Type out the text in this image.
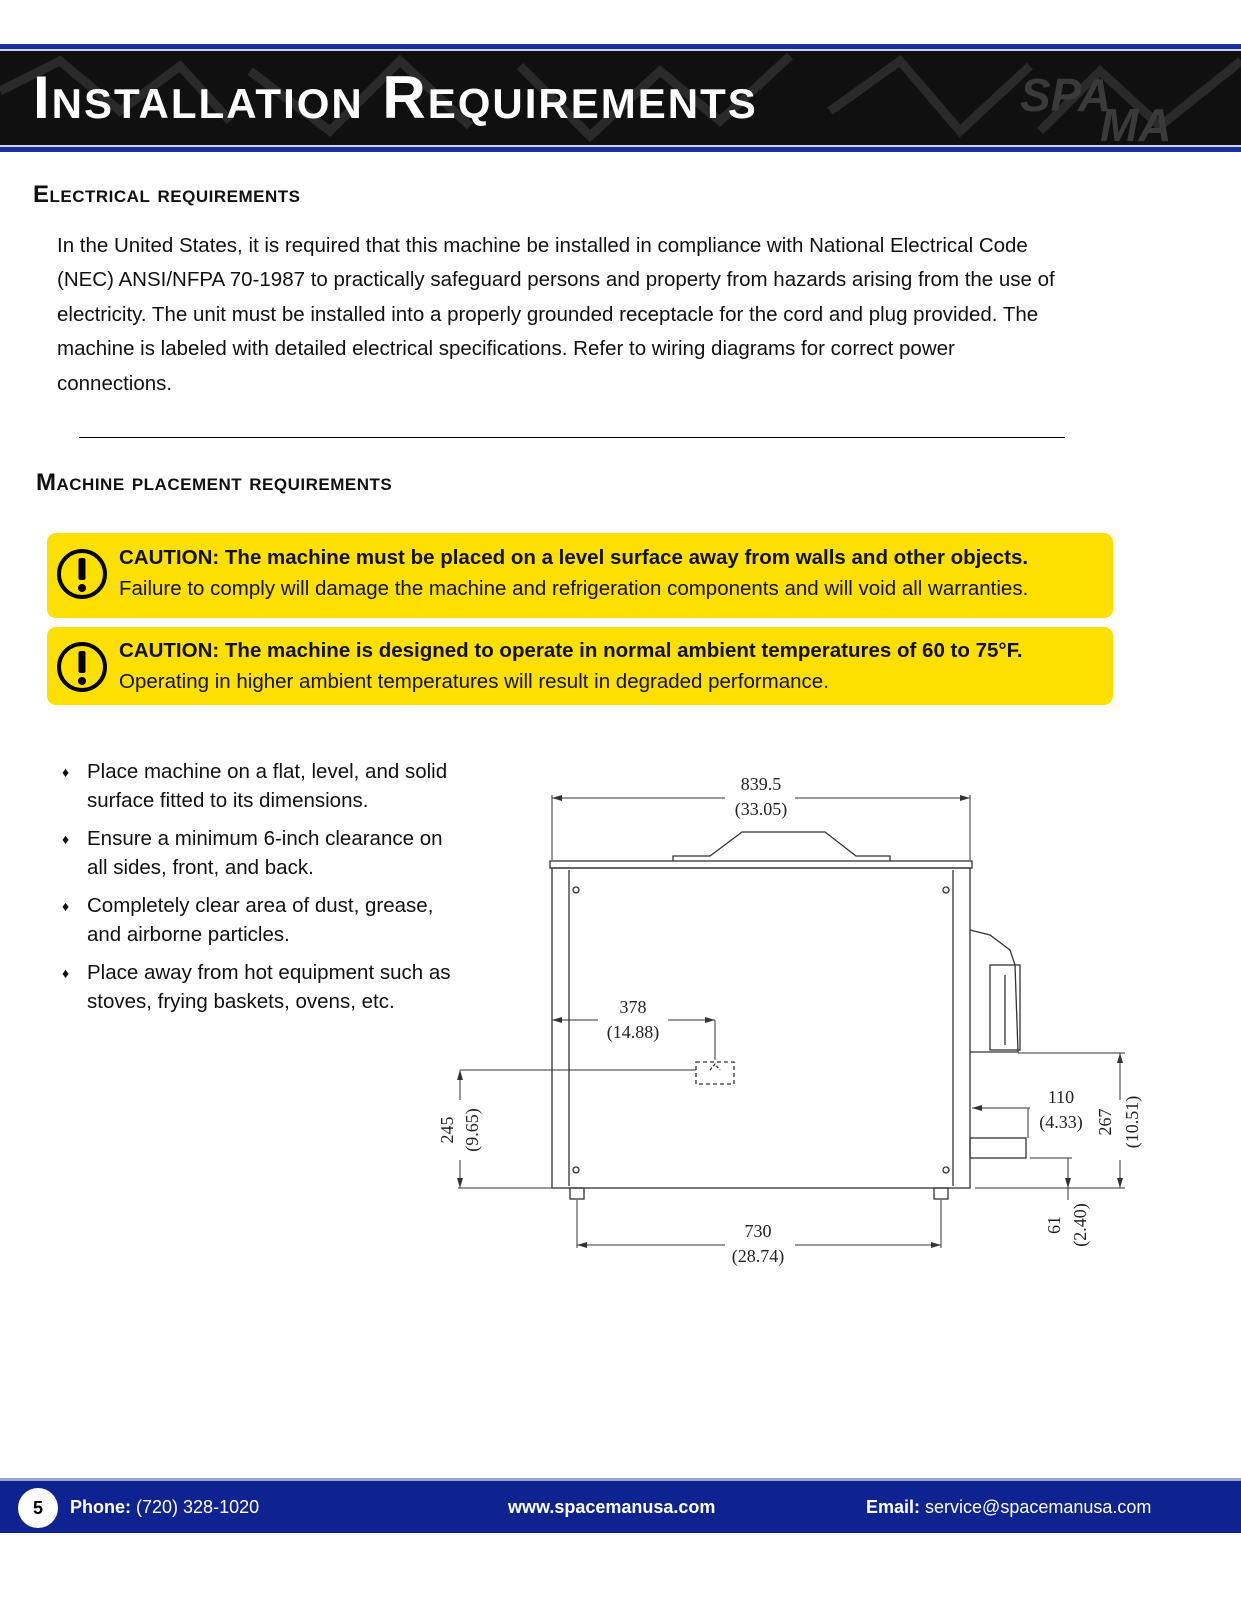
SPA
MA
Installation Requirements
Electrical requirements

In the United States, it is required that this machine be installed in compliance with National Electrical Code (NEC) ANSI/NFPA 70-1987 to practically safeguard persons and property from hazards arising from the use of electricity. The unit must be installed into a properly grounded receptacle for the cord and plug provided. The machine is labeled with detailed electrical specifications. Refer to wiring diagrams for correct power connections.

Machine placement requirements
CAUTION: The machine must be placed on a level surface away from walls and other objects.
Failure to comply will damage the machine and refrigeration components and will void all warranties.
CAUTION: The machine is designed to operate in normal ambient temperatures of 60 to 75°F.
Operating in higher ambient temperatures will result in degraded performance.
♦ Place machine on a flat, level, and solid surface fitted to its dimensions.
♦ Ensure a minimum 6-inch clearance on all sides, front, and back.
♦ Completely clear area of dust, grease, and airborne particles.
♦ Place away from hot equipment such as stoves, frying baskets, ovens, etc.
839.5
(33.05)
378
(14.88)
730
(28.74)
110
(4.33)
245 (9.65)	267 (10.51)
61 (2.40)
5	Phone: (720) 328-1020	www.spacemanusa.com	Email: service@spacemanusa.com
